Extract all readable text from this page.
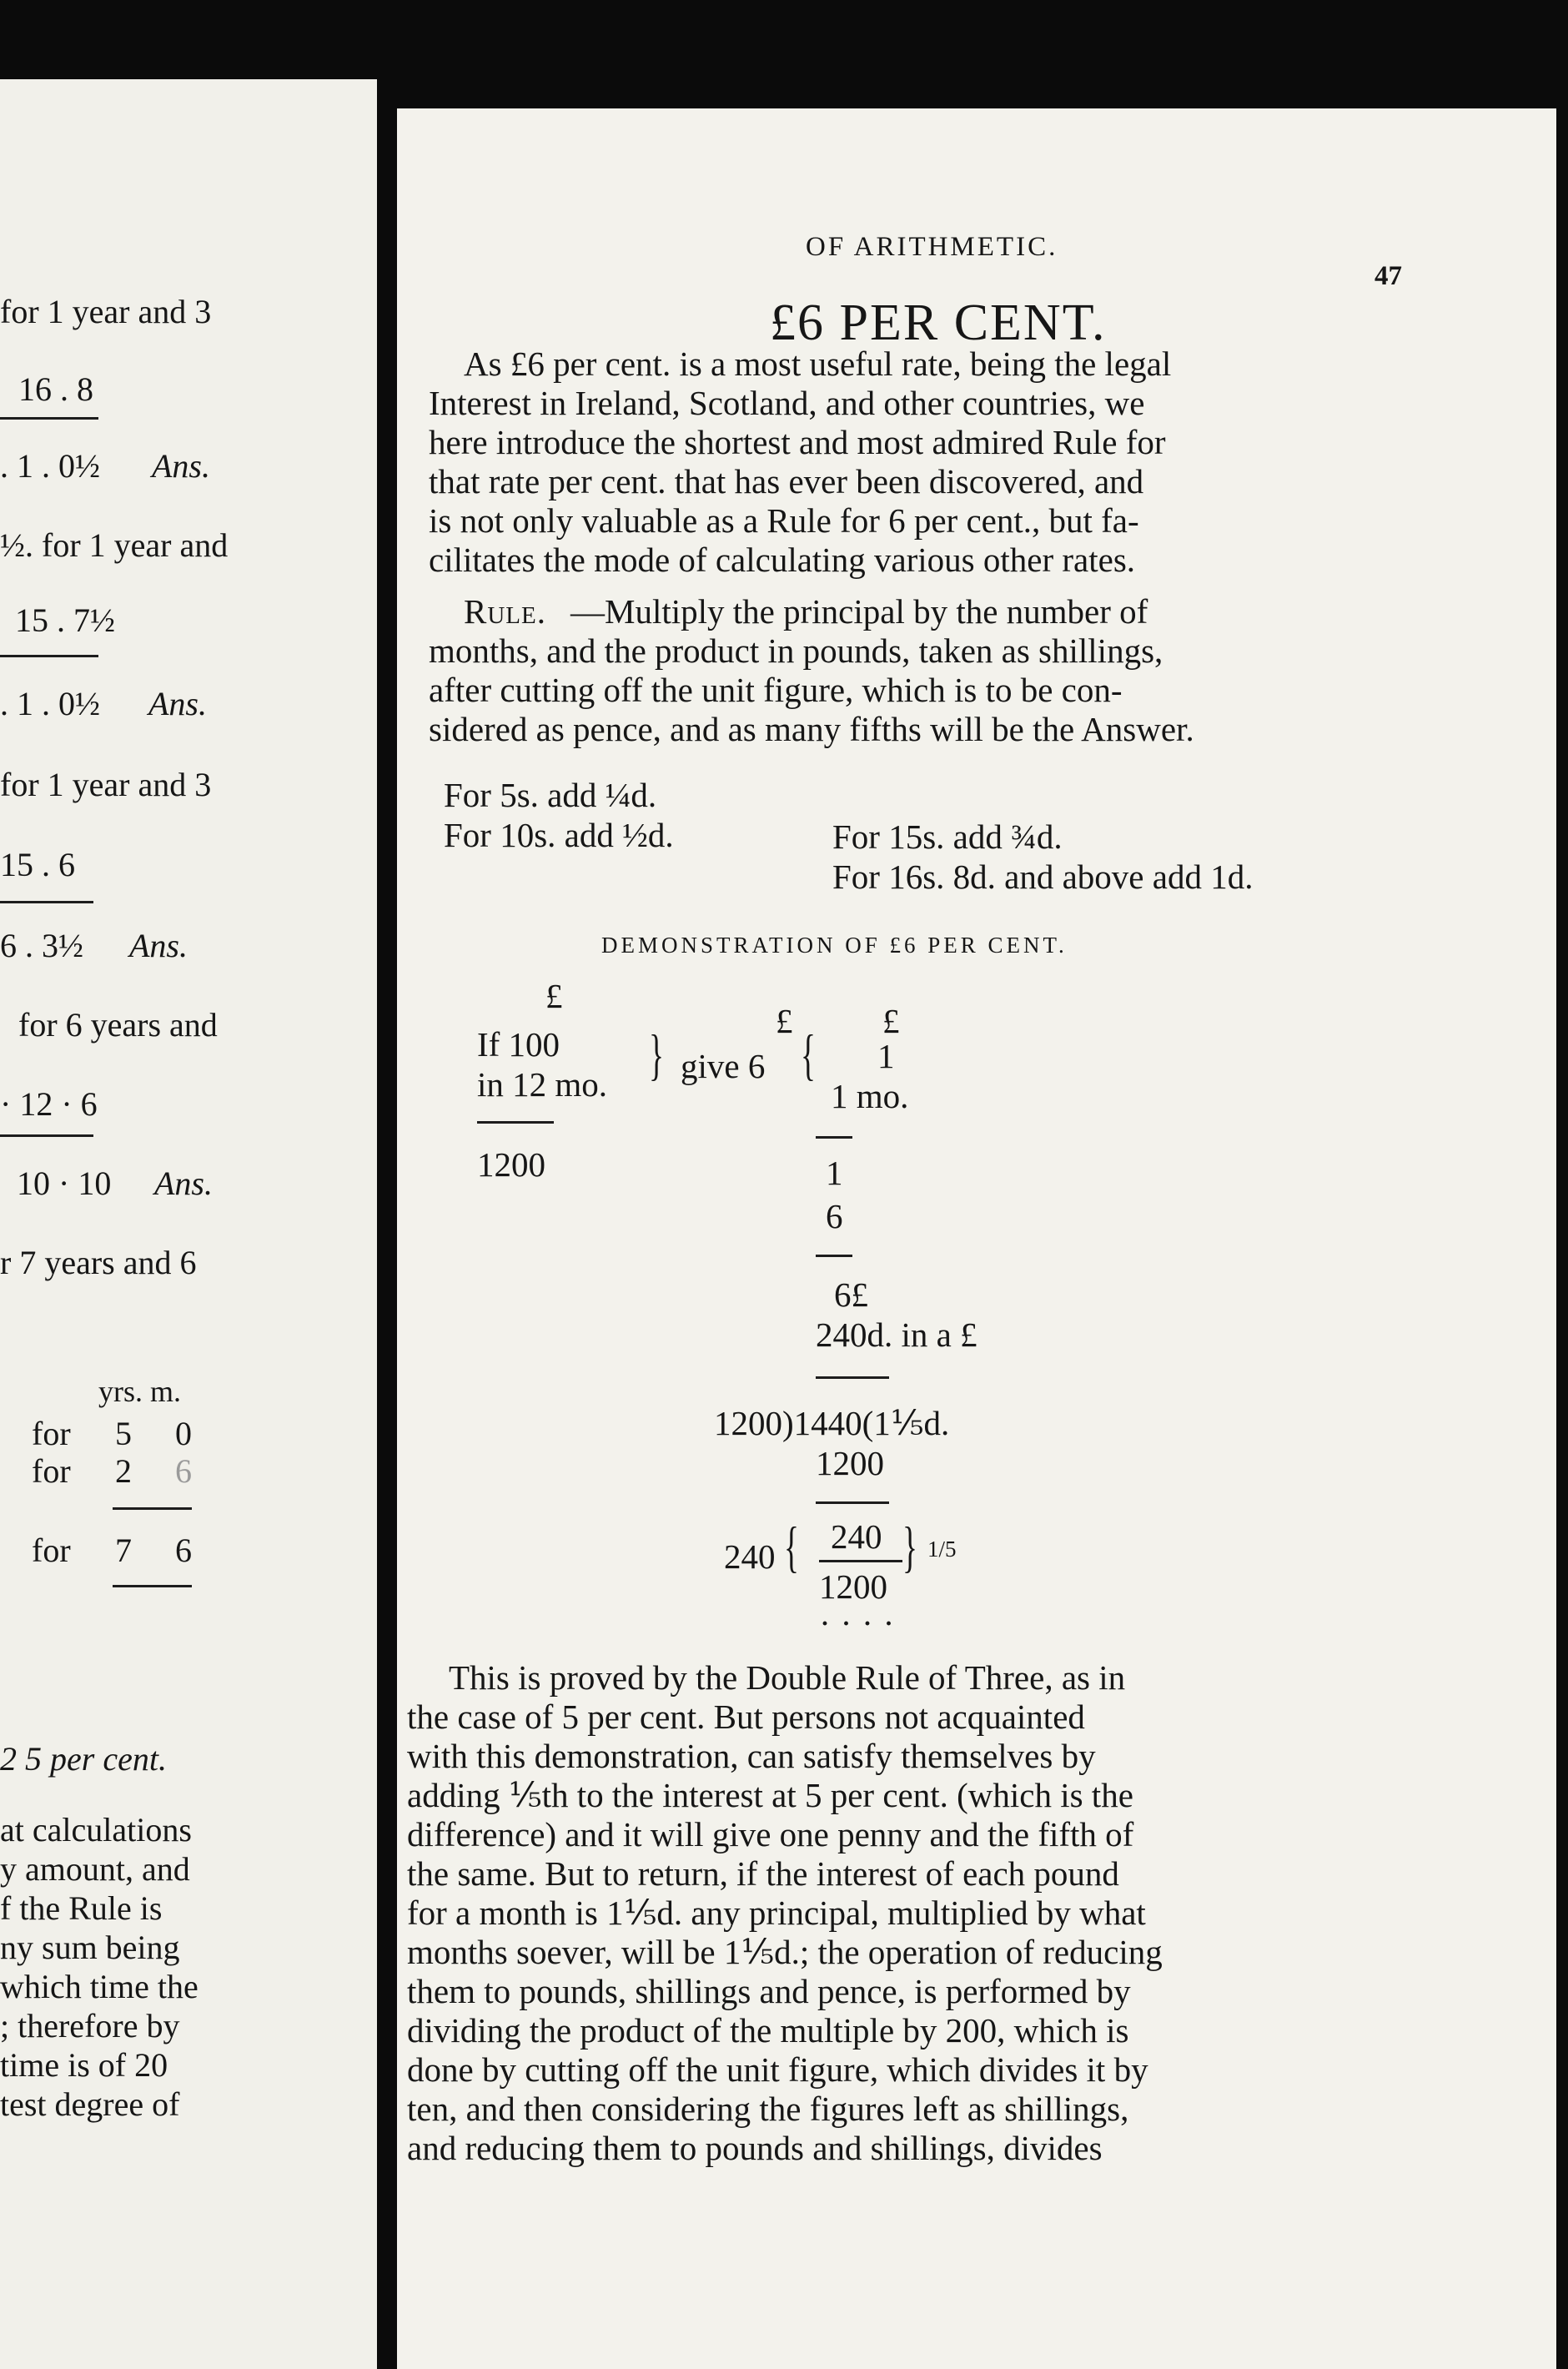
for 1 year and 3
16 . 8
. 1 . 0½ Ans.
½. for 1 year and
15 . 7½
. 1 . 0½ Ans.
for 1 year and 3
15 . 6
6 . 3½ Ans.
for 6 years and
· 12 · 6
10 · 10 Ans.
r 7 years and 6
yrs. m.
for 5 0
for 2 6
for 7 6
2 5 per cent.
at calculations
y amount, and
f the Rule is
ny sum being
which time the
; therefore by
time is of 20
test degree of
OF ARITHMETIC.
47
£6 PER CENT.
As £6 per cent. is a most useful rate, being the legal
Interest in Ireland, Scotland, and other countries, we
here introduce the shortest and most admired Rule for
that rate per cent. that has ever been discovered, and
is not only valuable as a Rule for 6 per cent., but fa-
cilitates the mode of calculating various other rates.
Rule. —Multiply the principal by the number of
months, and the product in pounds, taken as shillings,
after cutting off the unit figure, which is to be con-
sidered as pence, and as many fifths will be the Answer.
For 5s. add ¼d.
For 10s. add ½d.	For 15s. add ¾d.
For 16s. 8d. and above add 1d.
DEMONSTRATION OF £6 PER CENT.
£
£	£
If 100
in 12 mo. } give 6 { 1
1 mo.
1200	1
6
6£
240d. in a £
1200)1440(1⅕d.
1200
240 { 240
1200
} 1/5
· · · ·
This is proved by the Double Rule of Three, as in
the case of 5 per cent. But persons not acquainted
with this demonstration, can satisfy themselves by
adding ⅕th to the interest at 5 per cent. (which is the
difference) and it will give one penny and the fifth of
the same. But to return, if the interest of each pound
for a month is 1⅕d. any principal, multiplied by what
months soever, will be 1⅕d.; the operation of reducing
them to pounds, shillings and pence, is performed by
dividing the product of the multiple by 200, which is
done by cutting off the unit figure, which divides it by
ten, and then considering the figures left as shillings,
and reducing them to pounds and shillings, divides
